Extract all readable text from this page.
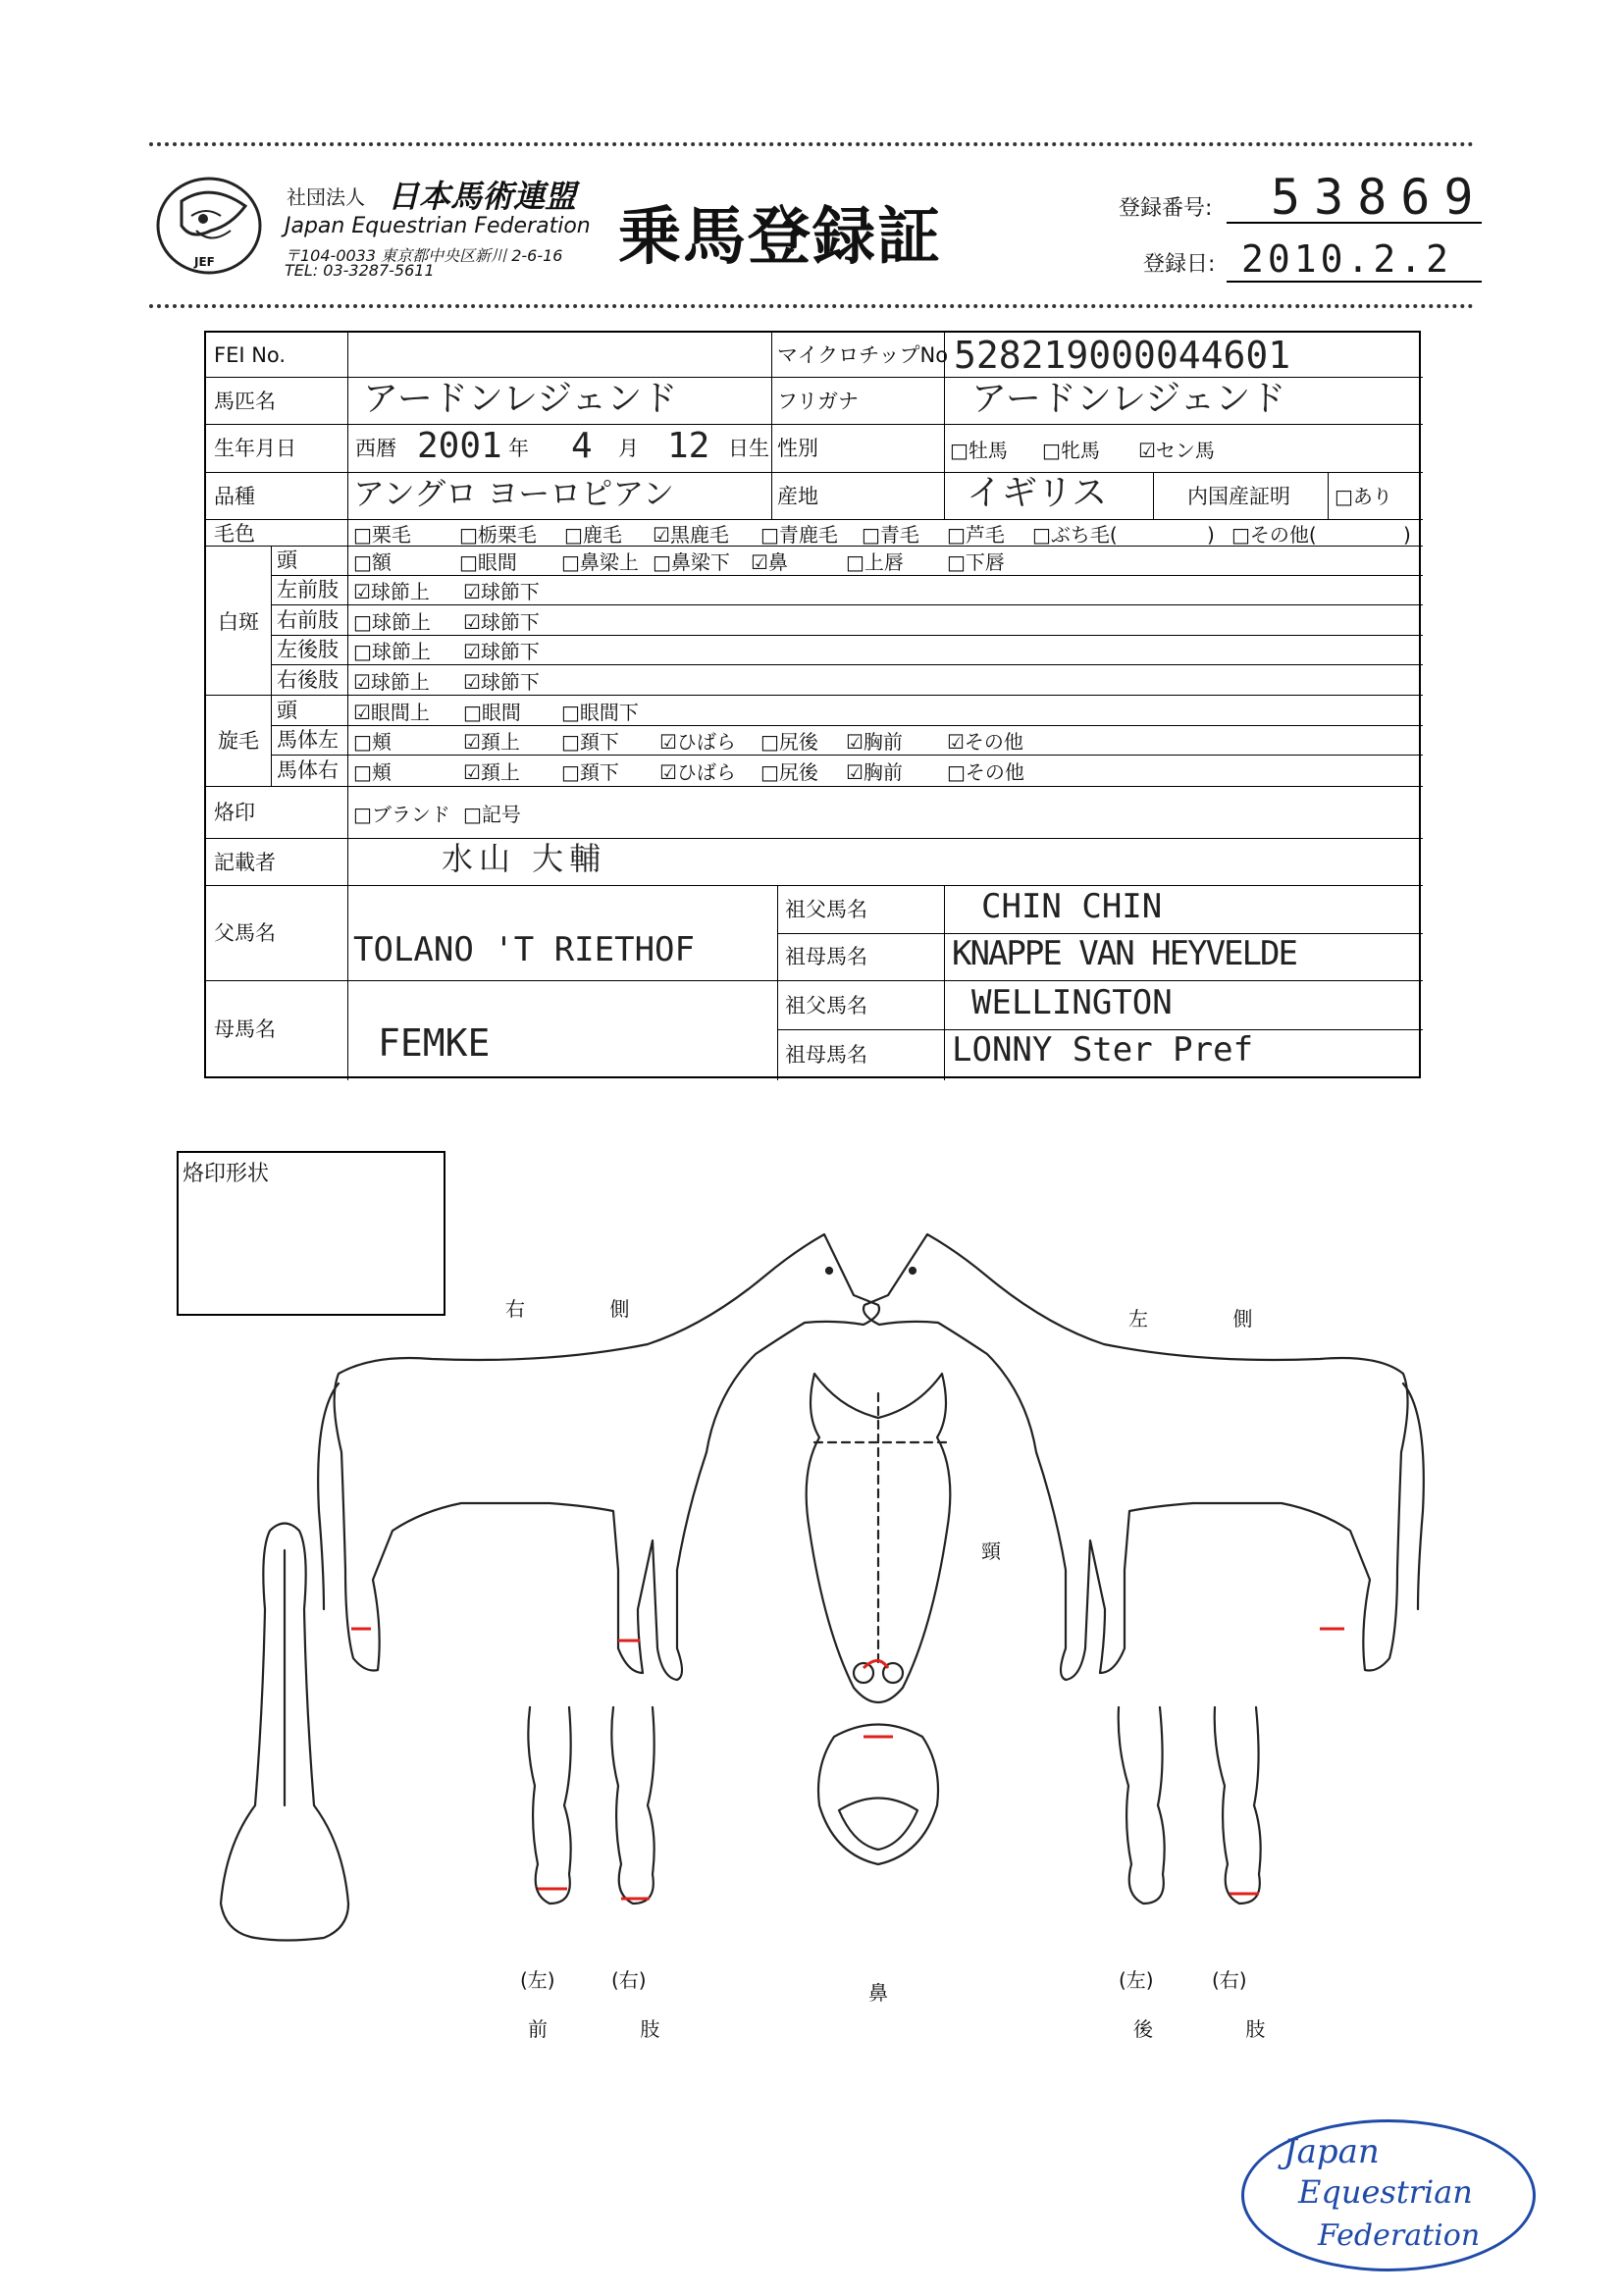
JEF
社団法人 日本馬術連盟
Japan Equestrian Federation
〒104-0033 東京都中央区新川 2-6-16
TEL: 03-3287-5611	乗馬登録証	登録番号: 53869
登録日: 2010.2.2
FEI No.	マイクロチップNo 528219000044601
馬匹名 アードンレジェンド	フリガナ	アードンレジェンド
生年月日	西暦 2001 年 4 月 12 日生 性別	□牡馬 □牝馬 ☑セン馬
品種	アングロ ヨーロピアン	産地	イギリス	内国産証明 □あり
毛色	□栗毛 □栃栗毛 □鹿毛 ☑黒鹿毛 □青鹿毛 □青毛 □芦毛 □ぶち毛(	) □その他(	)
白斑
頭	□額	□眼間 □鼻梁上 □鼻梁下 ☑鼻	□上唇 □下唇
左前肢 ☑球節上 ☑球節下
右前肢 □球節上 ☑球節下
左後肢 □球節上 ☑球節下
右後肢 ☑球節上 ☑球節下
旋毛
頭	☑眼間上 □眼間 □眼間下
馬体左 □頬	☑頚上 □頚下 ☑ひばら □尻後 ☑胸前 ☑その他
馬体右 □頬	☑頚上 □頚下 ☑ひばら □尻後 ☑胸前 □その他
烙印	□ブランド □記号
記載者	水山 大輔
父馬名 TOLANO 'T RIETHOF
祖父馬名	CHIN CHIN
祖母馬名	KNAPPE VAN HEYVELDE
母馬名	FEMKE
祖父馬名	WELLINGTON
祖母馬名	LONNY Ster Pref
烙印形状
右 側	左 側
頸
(左)	(右)
前 肢
鼻
(左)	(右)
後 肢
Japan
Equestrian
Federation
